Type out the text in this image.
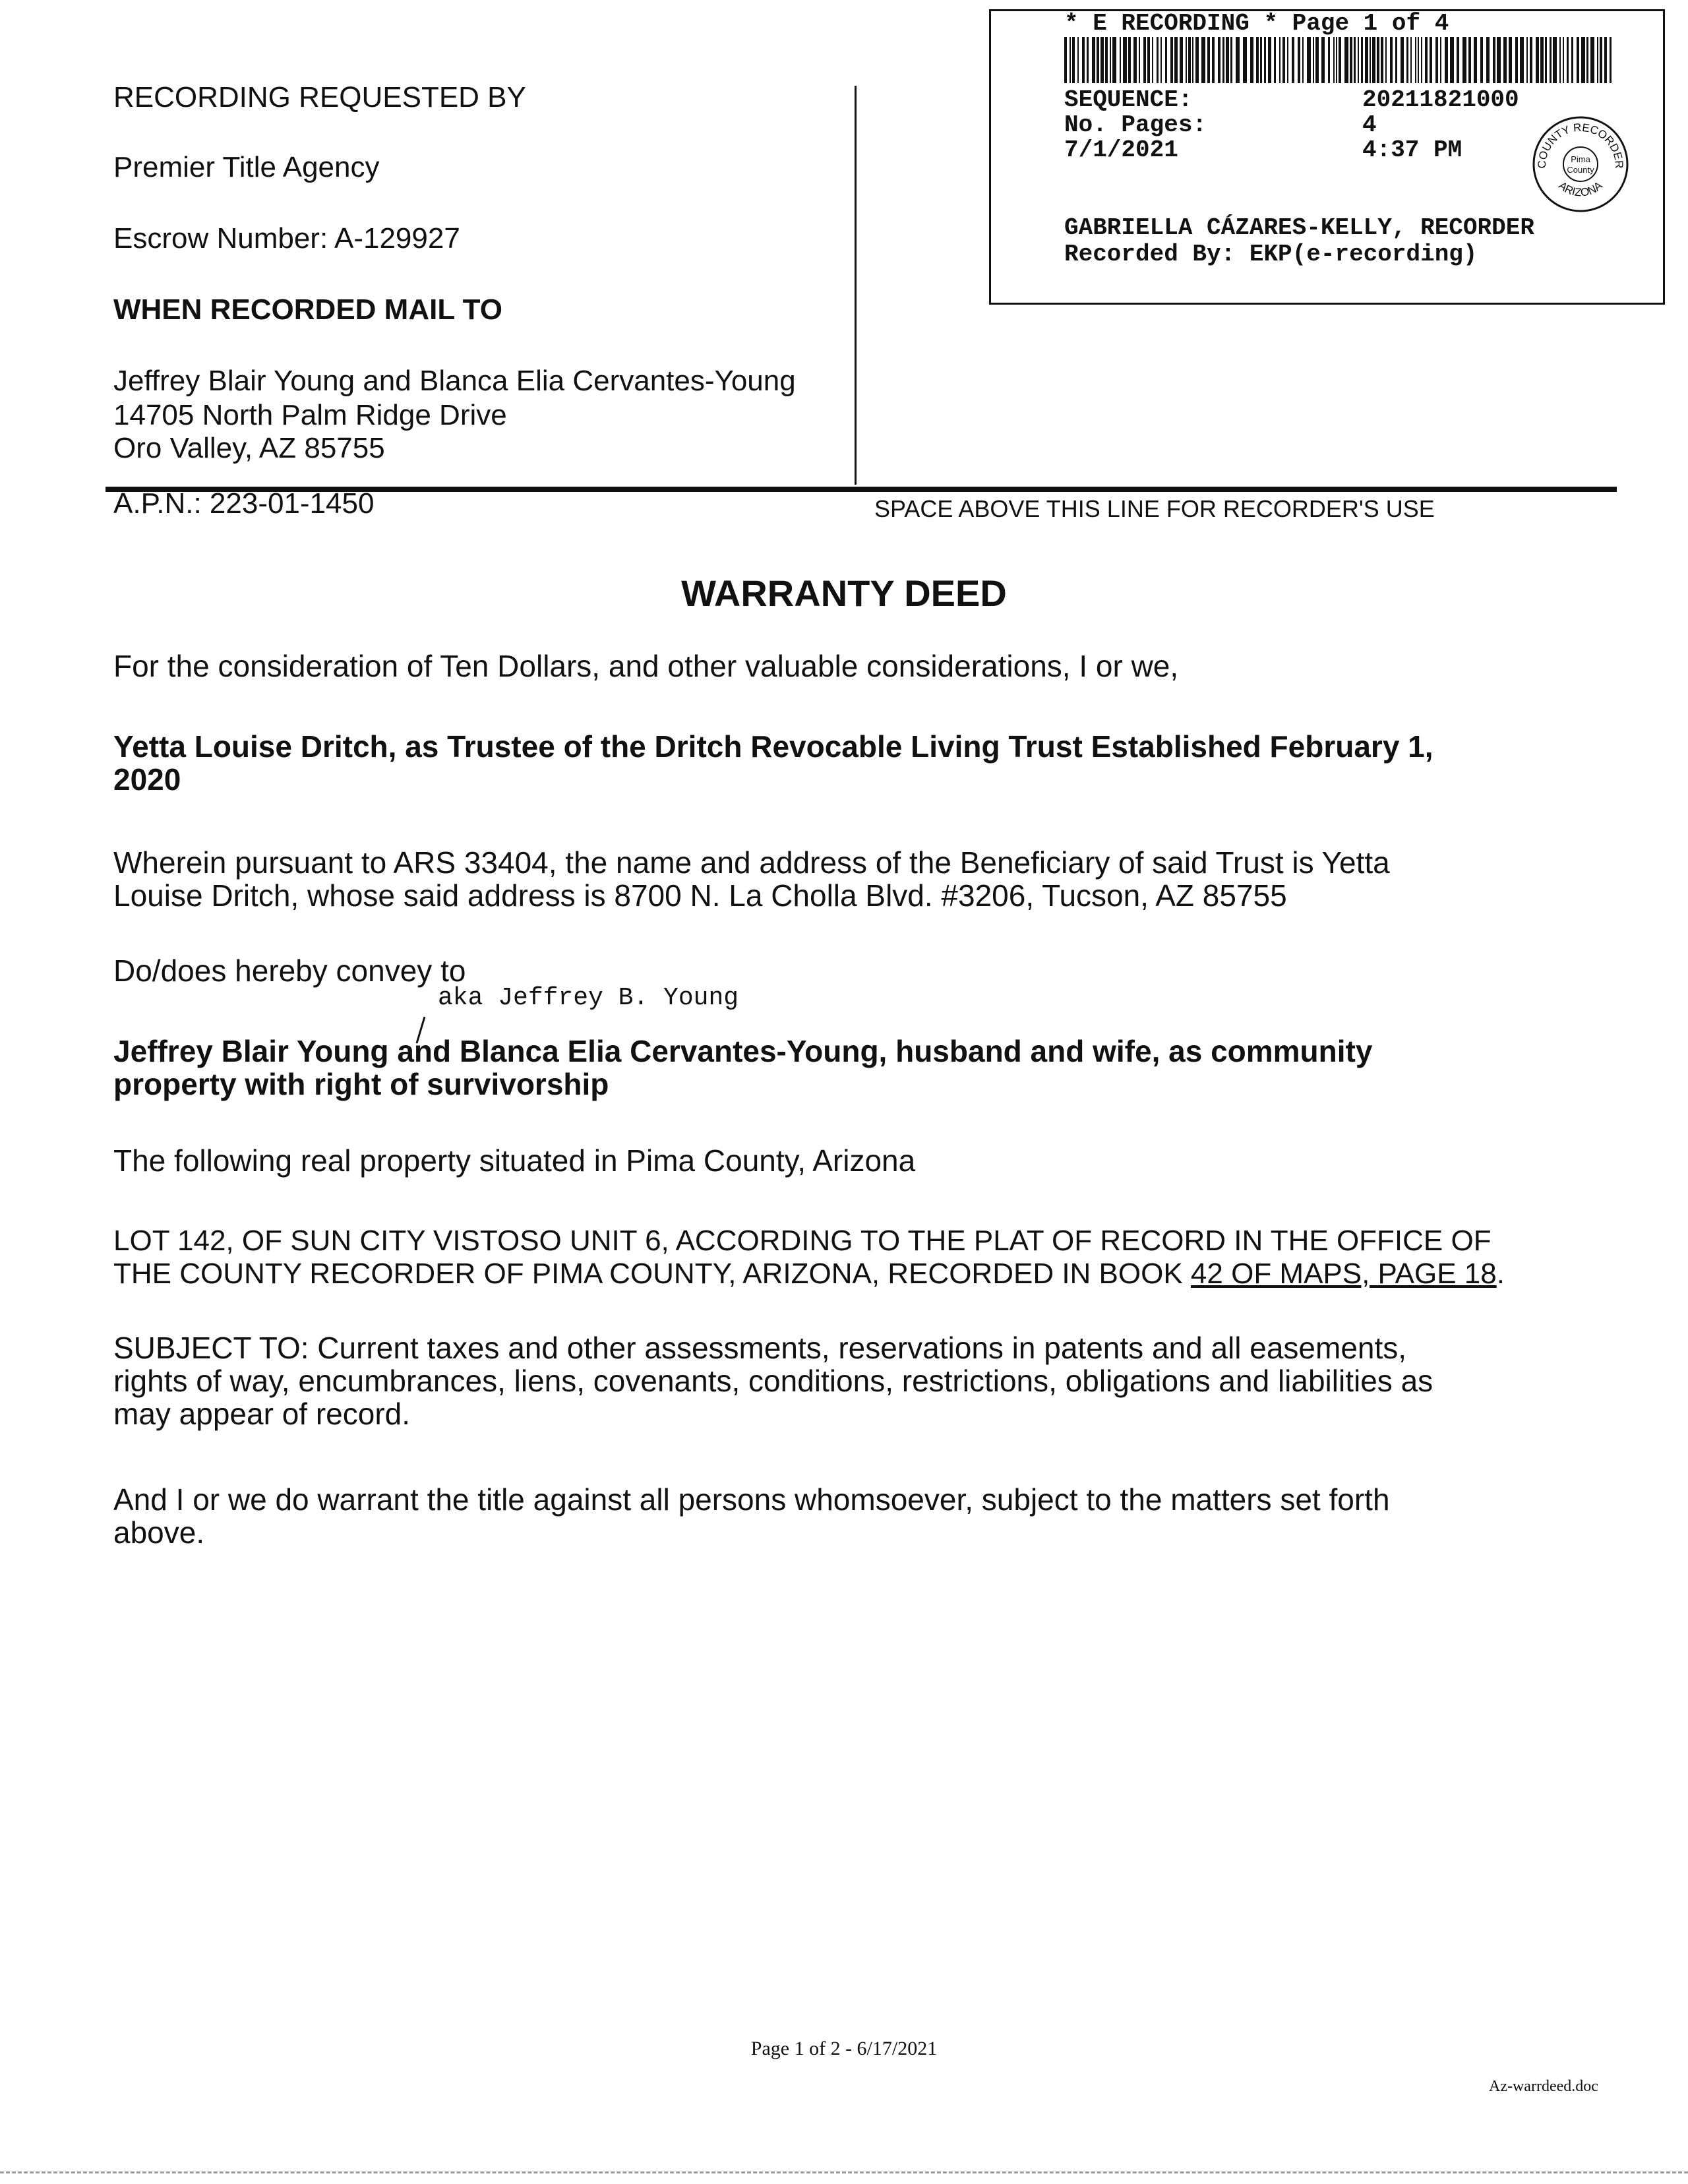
RECORDING REQUESTED BY
Premier Title Agency
Escrow Number: A-129927
WHEN RECORDED MAIL TO
Jeffrey Blair Young and Blanca Elia Cervantes-Young
14705 North Palm Ridge Drive
Oro Valley, AZ 85755
A.P.N.: 223-01-1450	SPACE ABOVE THIS LINE FOR RECORDER'S USE
* E RECORDING * Page 1 of 4
SEQUENCE:	20211821000
No. Pages:	4
7/1/2021	4:37 PM
COUNTY RECORDER
ARIZONA
Pima
County
GABRIELLA CÁZARES-KELLY, RECORDER
Recorded By: EKP(e-recording)
WARRANTY DEED
For the consideration of Ten Dollars, and other valuable considerations, I or we,
Yetta Louise Dritch, as Trustee of the Dritch Revocable Living Trust Established February 1,
2020
Wherein pursuant to ARS 33404, the name and address of the Beneficiary of said Trust is Yetta
Louise Dritch, whose said address is 8700 N. La Cholla Blvd. #3206, Tucson, AZ 85755
Do/does hereby convey to
aka Jeffrey B. Young
Jeffrey Blair Young and Blanca Elia Cervantes-Young, husband and wife, as community
property with right of survivorship
The following real property situated in Pima County, Arizona
LOT 142, OF SUN CITY VISTOSO UNIT 6, ACCORDING TO THE PLAT OF RECORD IN THE OFFICE OF
THE COUNTY RECORDER OF PIMA COUNTY, ARIZONA, RECORDED IN BOOK 42 OF MAPS, PAGE 18.
SUBJECT TO: Current taxes and other assessments, reservations in patents and all easements,
rights of way, encumbrances, liens, covenants, conditions, restrictions, obligations and liabilities as
may appear of record.
And I or we do warrant the title against all persons whomsoever, subject to the matters set forth
above.
Page 1 of 2 - 6/17/2021
Az-warrdeed.doc
